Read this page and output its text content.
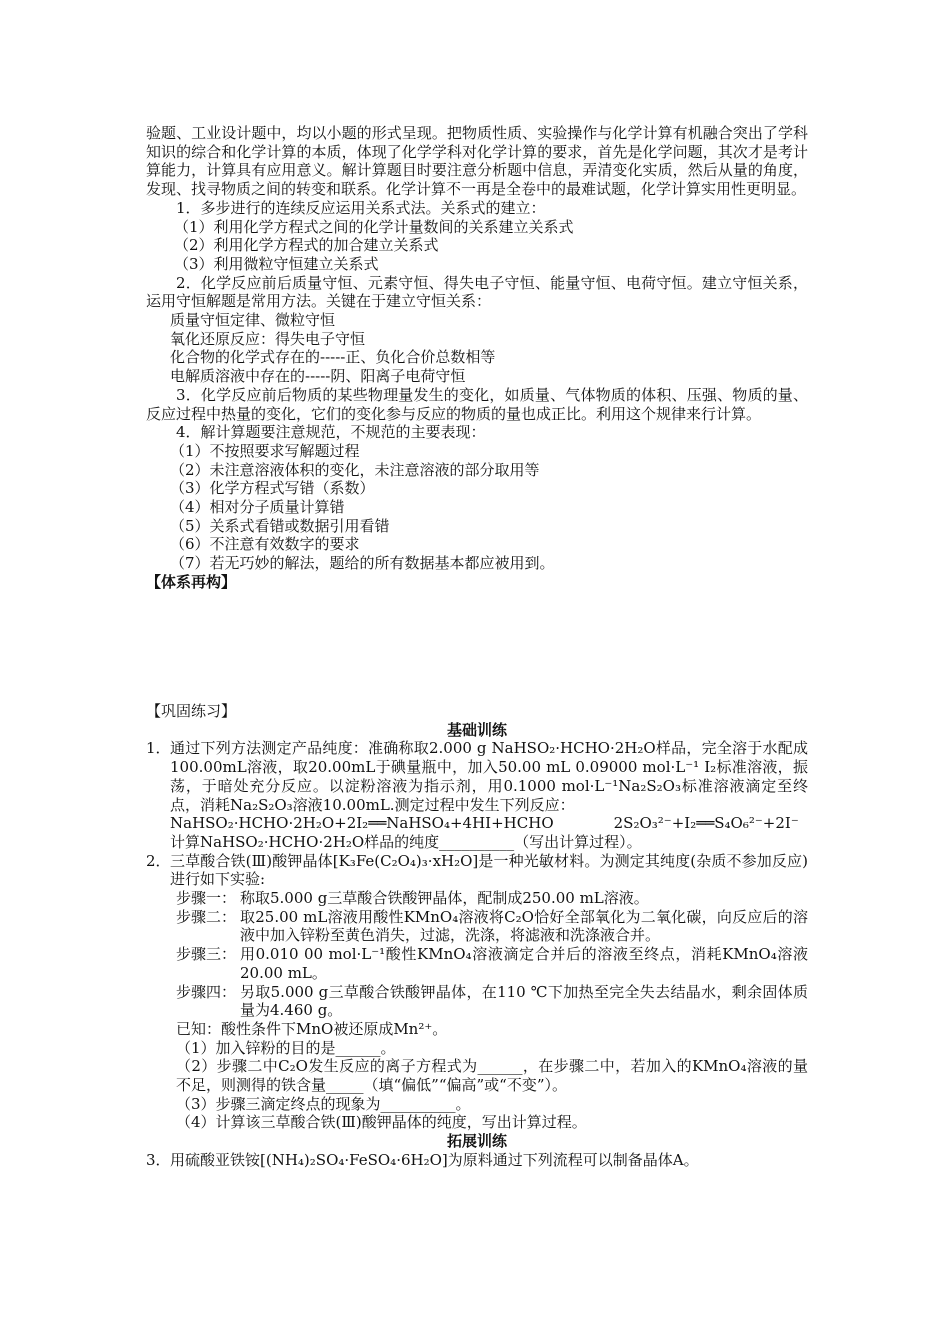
验题、工业设计题中，均以小题的形式呈现。把物质性质、实验操作与化学计算有机融合突出了学科知识的综合和化学计算的本质，体现了化学学科对化学计算的要求，首先是化学问题，其次才是考计算能力，计算具有应用意义。解计算题目时要注意分析题中信息，弄清变化实质，然后从量的角度，发现、找寻物质之间的转变和联系。化学计算不一再是全卷中的最难试题，化学计算实用性更明显。
1．多步进行的连续反应运用关系式法。关系式的建立：
（1）利用化学方程式之间的化学计量数间的关系建立关系式
（2）利用化学方程式的加合建立关系式
（3）利用微粒守恒建立关系式
2．化学反应前后质量守恒、元素守恒、得失电子守恒、能量守恒、电荷守恒。建立守恒关系，运用守恒解题是常用方法。关键在于建立守恒关系：
质量守恒定律、微粒守恒
氧化还原反应：得失电子守恒
化合物的化学式存在的-----正、负化合价总数相等
电解质溶液中存在的-----阴、阳离子电荷守恒
3．化学反应前后物质的某些物理量发生的变化，如质量、气体物质的体积、压强、物质的量、反应过程中热量的变化，它们的变化参与反应的物质的量也成正比。利用这个规律来行计算。
4．解计算题要注意规范，不规范的主要表现：
（1）不按照要求写解题过程
（2）未注意溶液体积的变化，未注意溶液的部分取用等
（3）化学方程式写错（系数）
（4）相对分子质量计算错
（5）关系式看错或数据引用看错
（6）不注意有效数字的要求
（7）若无巧妙的解法，题给的所有数据基本都应被用到。
【体系再构】
【巩固练习】
基础训练
1． 通过下列方法测定产品纯度：准确称取2.000 g NaHSO₂·HCHO·2H₂O样品，完全溶于水配成100.00mL溶液，取20.00mL于碘量瓶中，加入50.00 mL 0.09000 mol·L⁻¹ I₂标准溶液，振荡，于暗处充分反应。以淀粉溶液为指示剂，用0.1000 mol·L⁻¹Na₂S₂O₃标准溶液滴定至终点，消耗Na₂S₂O₃溶液10.00mL.测定过程中发生下列反应：
NaHSO₂·HCHO·2H₂O+2I₂══NaHSO₄+4HI+HCHO	2S₂O₃²⁻+I₂══S₄O₆²⁻+2I⁻
计算NaHSO₂·HCHO·2H₂O样品的纯度__________（写出计算过程）。
2． 三草酸合铁(Ⅲ)酸钾晶体[K₃Fe(C₂O₄)₃·xH₂O]是一种光敏材料。为测定其纯度(杂质不参加反应)进行如下实验:
步骤一： 称取5.000 g三草酸合铁酸钾晶体，配制成250.00 mL溶液。
步骤二： 取25.00 mL溶液用酸性KMnO₄溶液将C₂O恰好全部氧化为二氧化碳，向反应后的溶液中加入锌粉至黄色消失，过滤，洗涤，将滤液和洗涤液合并。
步骤三： 用0.010 00 mol·L⁻¹酸性KMnO₄溶液滴定合并后的溶液至终点，消耗KMnO₄溶液20.00 mL。
步骤四： 另取5.000 g三草酸合铁酸钾晶体，在110 ℃下加热至完全失去结晶水，剩余固体质量为4.460 g。
已知：酸性条件下MnO被还原成Mn²⁺。
（1）加入锌粉的目的是______。
（2）步骤二中C₂O发生反应的离子方程式为______，在步骤二中，若加入的KMnO₄溶液的量不足，则测得的铁含量_____（填“偏低”“偏高”或“不变”）。
（3）步骤三滴定终点的现象为__________。
（4）计算该三草酸合铁(Ⅲ)酸钾晶体的纯度，写出计算过程。
拓展训练
3． 用硫酸亚铁铵[(NH₄)₂SO₄·FeSO₄·6H₂O]为原料通过下列流程可以制备晶体A。
